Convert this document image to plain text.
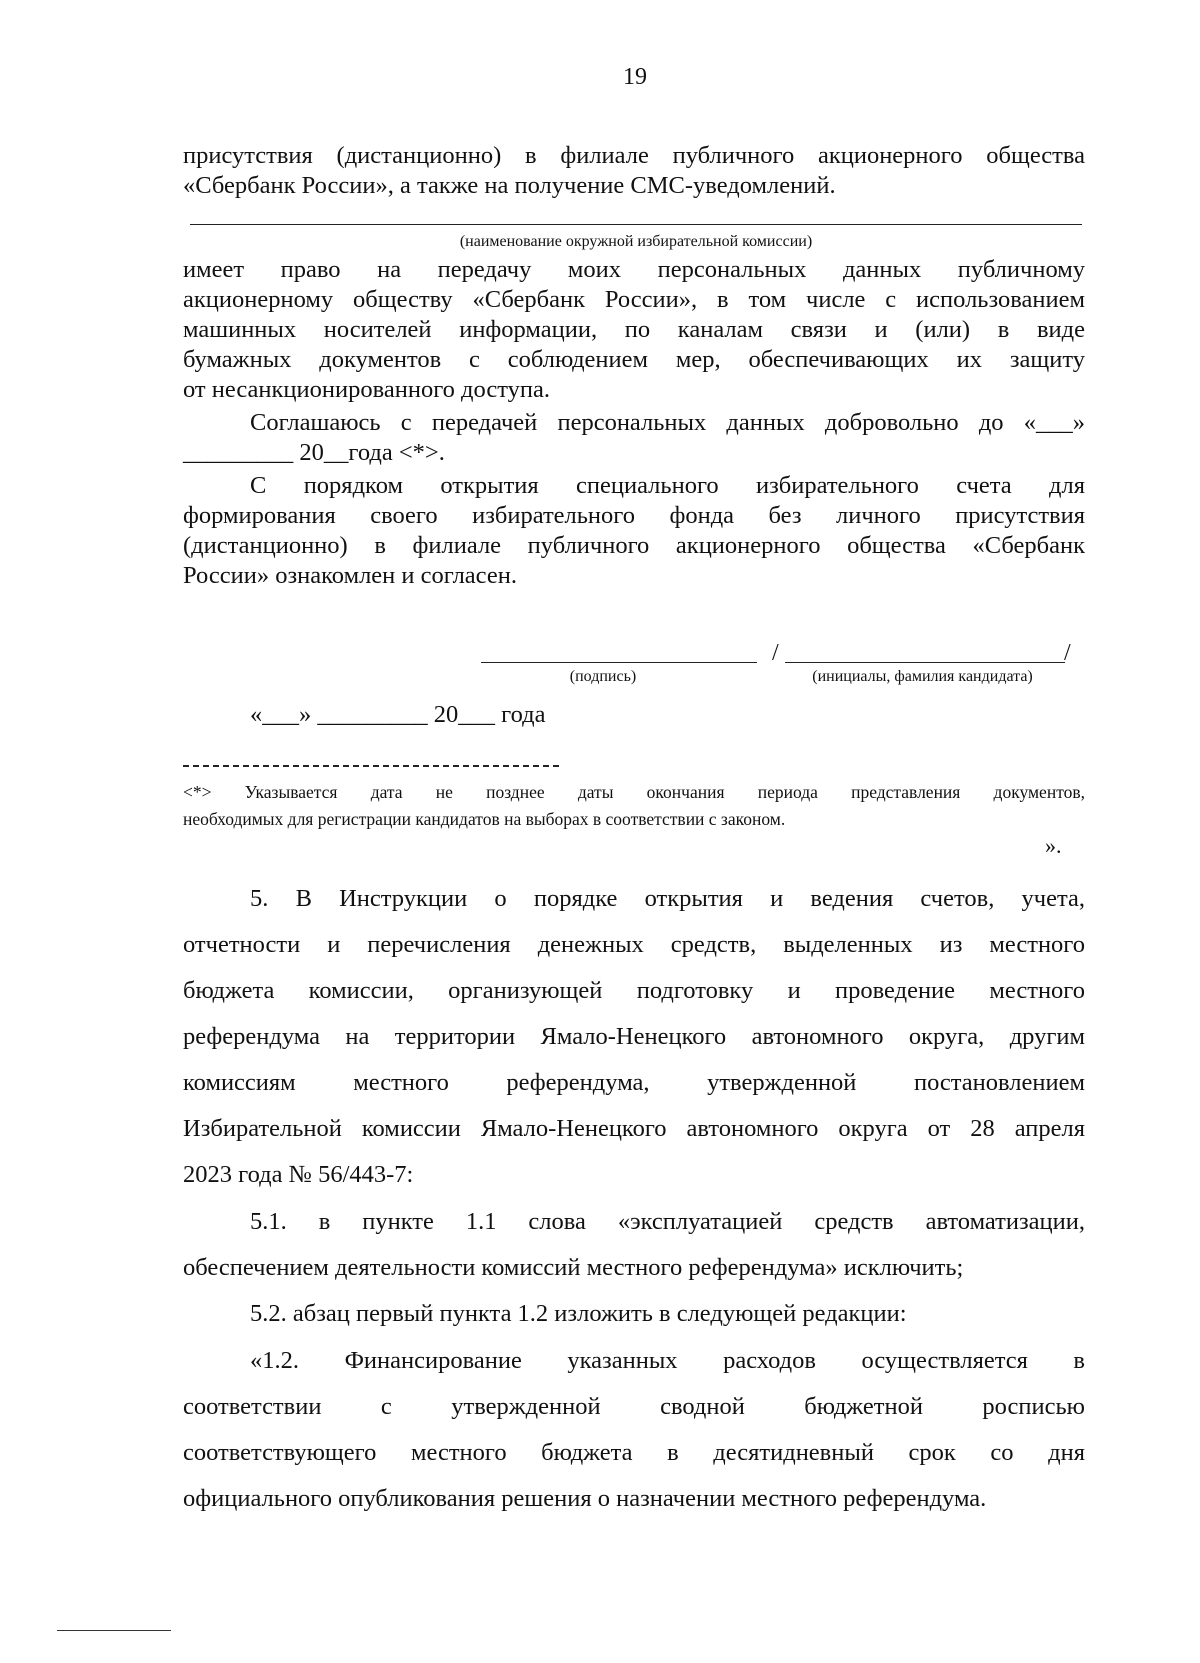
19
присутствия (дистанционно) в филиале публичного акционерного общества
«Сбербанк России», а также на получение СМС-уведомлений.
(наименование окружной избирательной комиссии)
имеет право на передачу моих персональных данных публичному
акционерному обществу «Сбербанк России», в том числе с использованием
машинных носителей информации, по каналам связи и (или) в виде
бумажных документов с соблюдением мер, обеспечивающих их защиту
от несанкционированного доступа.
Соглашаюсь с передачей персональных данных добровольно до «___»
_________ 20__года <*>.
С порядком открытия специального избирательного счета для
формирования своего избирательного фонда без личного присутствия
(дистанционно) в филиале публичного акционерного общества «Сбербанк
России» ознакомлен и согласен.
/	/
(подпись)	(инициалы, фамилия кандидата)
«___» _________ 20___ года
<*> Указывается дата не позднее даты окончания периода представления документов,
необходимых для регистрации кандидатов на выборах в соответствии с законом.
».
5. В Инструкции о порядке открытия и ведения счетов, учета,
отчетности и перечисления денежных средств, выделенных из местного
бюджета комиссии, организующей подготовку и проведение местного
референдума на территории Ямало-Ненецкого автономного округа, другим
комиссиям местного референдума, утвержденной постановлением
Избирательной комиссии Ямало-Ненецкого автономного округа от 28 апреля
2023 года № 56/443-7:
5.1. в пункте 1.1 слова «эксплуатацией средств автоматизации,
обеспечением деятельности комиссий местного референдума» исключить;
5.2. абзац первый пункта 1.2 изложить в следующей редакции:
«1.2. Финансирование указанных расходов осуществляется в
соответствии с утвержденной сводной бюджетной росписью
соответствующего местного бюджета в десятидневный срок со дня
официального опубликования решения о назначении местного референдума.
